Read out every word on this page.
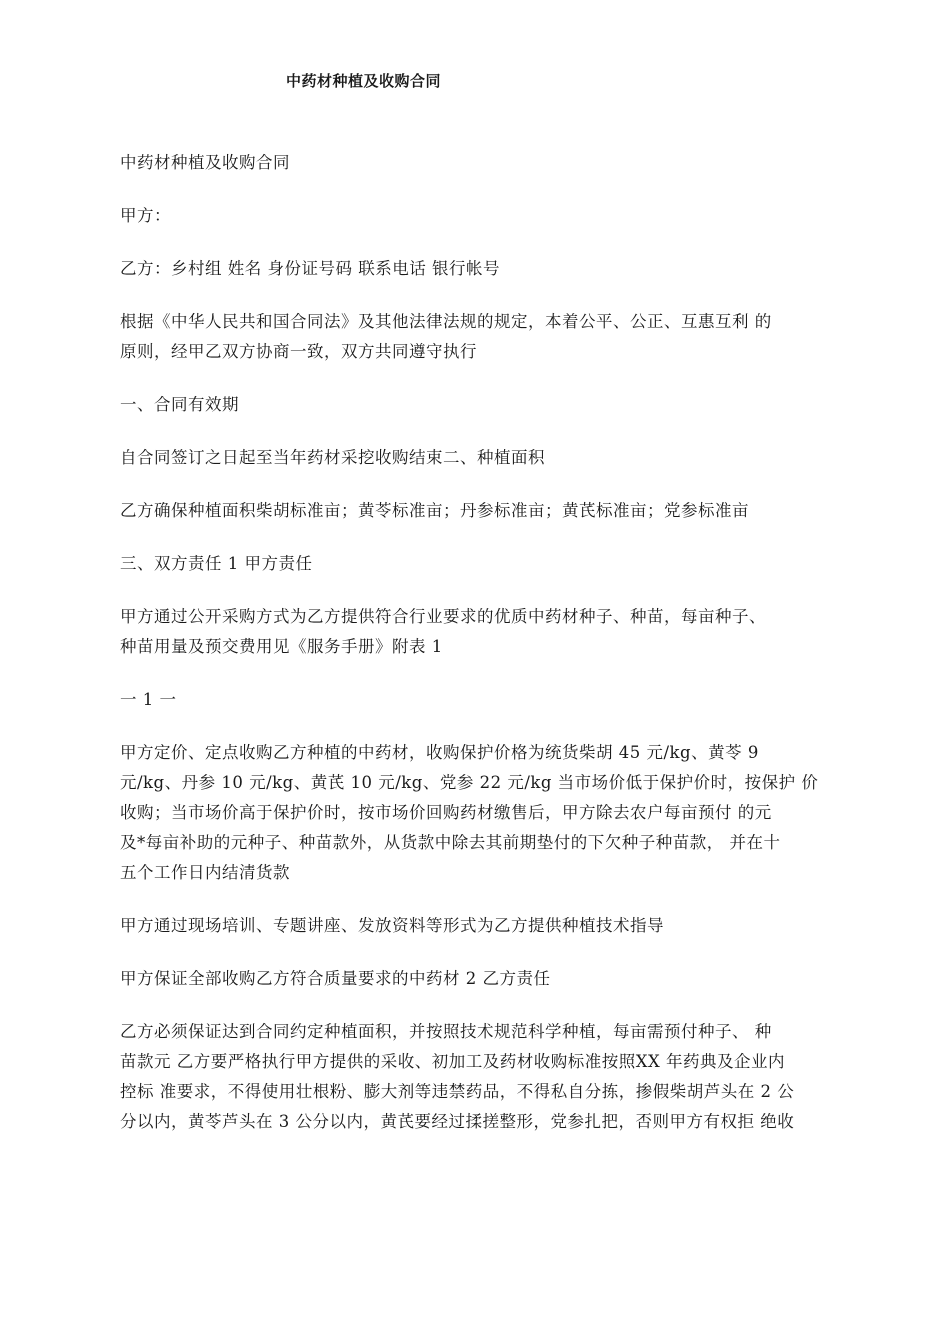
中药材种植及收购合同
中药材种植及收购合同
甲方：
乙方：乡村组 姓名 身份证号码 联系电话 银行帐号
根据《中华人民共和国合同法》及其他法律法规的规定，本着公平、公正、互惠互利 的
原则，经甲乙双方协商一致，双方共同遵守执行
一、合同有效期
自合同签订之日起至当年药材采挖收购结束二、种植面积
乙方确保种植面积柴胡标准亩；黄苓标准亩；丹参标准亩；黄芪标准亩；党参标准亩
三、双方责任 1 甲方责任
甲方通过公开采购方式为乙方提供符合行业要求的优质中药材种子、种苗，每亩种子、
种苗用量及预交费用见《服务手册》附表 1
一 1 一
甲方定价、定点收购乙方种植的中药材，收购保护价格为统货柴胡 45 元/kg、黄苓 9
元/kg、丹参 10 元/kg、黄芪 10 元/kg、党参 22 元/kg 当市场价低于保护价时，按保护 价
收购；当市场价高于保护价时，按市场价回购药材缴售后，甲方除去农户每亩预付 的元
及*每亩补助的元种子、种苗款外，从货款中除去其前期垫付的下欠种子种苗款， 并在十
五个工作日内结清货款
甲方通过现场培训、专题讲座、发放资料等形式为乙方提供种植技术指导
甲方保证全部收购乙方符合质量要求的中药材 2 乙方责任
乙方必须保证达到合同约定种植面积，并按照技术规范科学种植，每亩需预付种子、 种
苗款元 乙方要严格执行甲方提供的采收、初加工及药材收购标准按照XX 年药典及企业内
控标 准要求，不得使用壮根粉、膨大剂等违禁药品，不得私自分拣，掺假柴胡芦头在 2 公
分以内，黄苓芦头在 3 公分以内，黄芪要经过揉搓整形，党参扎把，否则甲方有权拒 绝收
